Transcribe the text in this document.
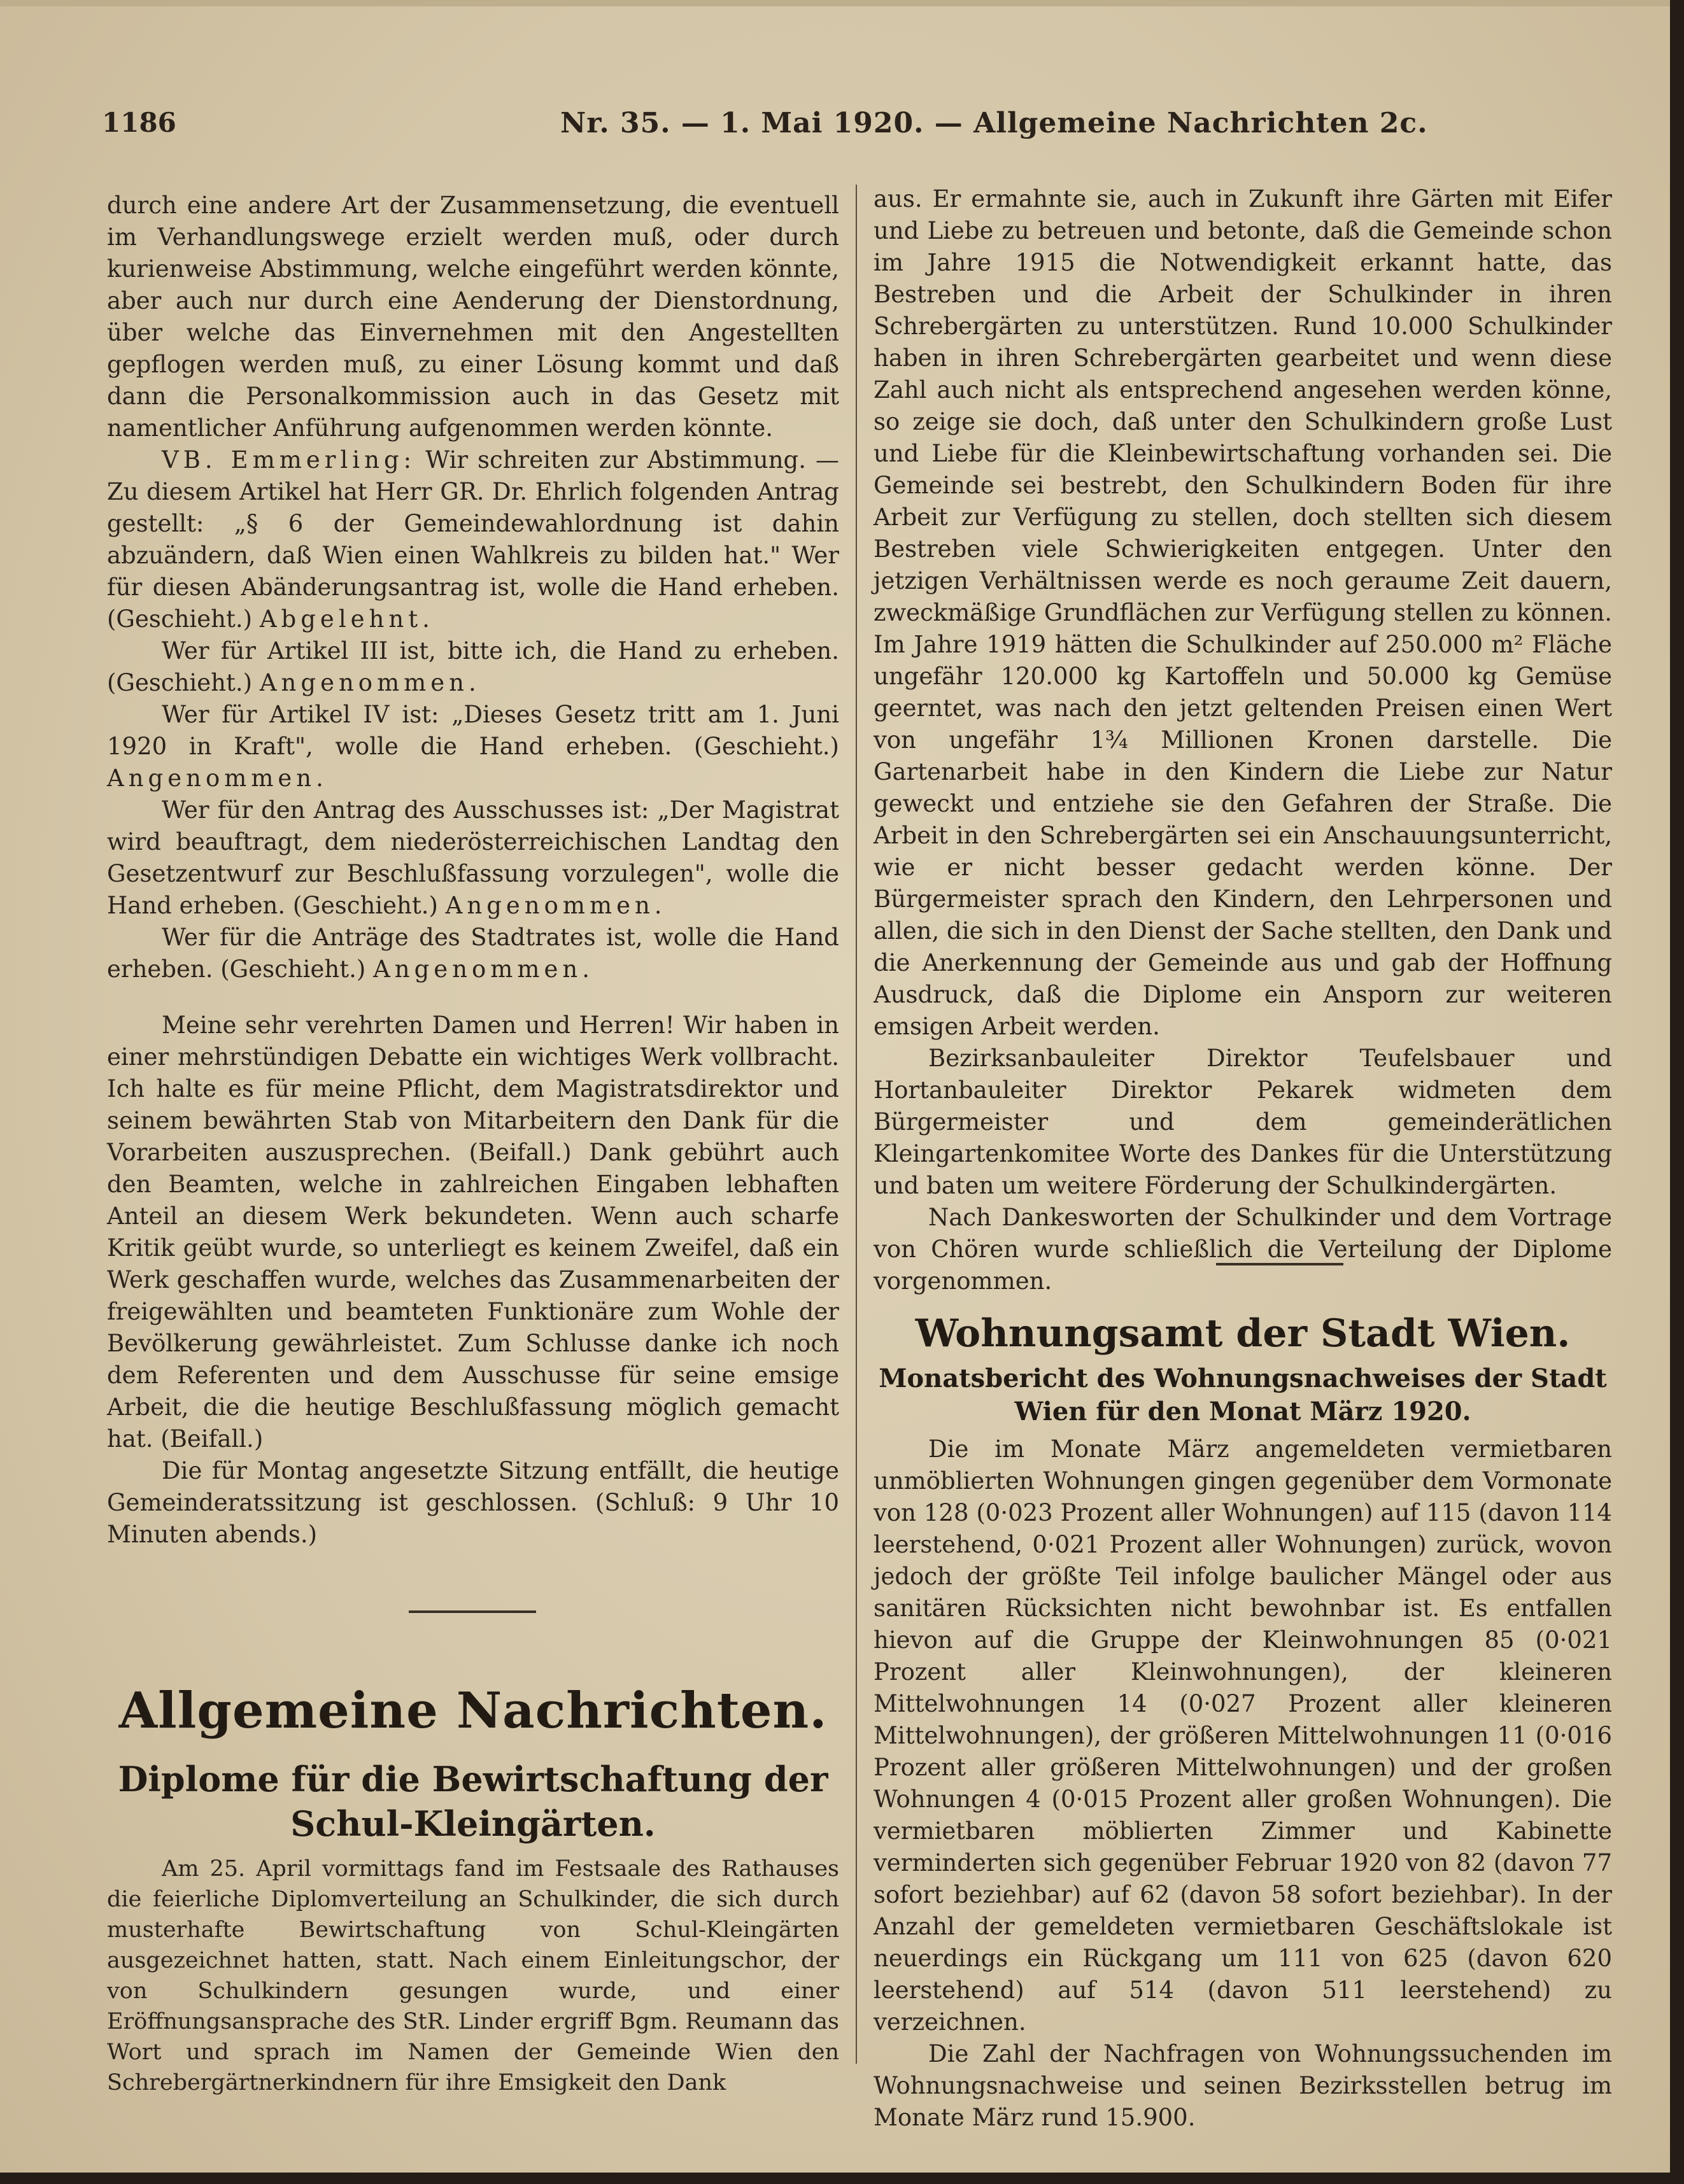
1186	Nr. 35. — 1. Mai 1920. — Allgemeine Nachrichten 2c.

durch eine andere Art der Zusammensetzung, die eventuell im Verhandlungswege erzielt werden muß, oder durch kurienweise Abstimmung, welche eingeführt werden könnte, aber auch nur durch eine Aenderung der Dienstordnung, über welche das Einvernehmen mit den Angestellten gepflogen werden muß, zu einer Lösung kommt und daß dann die Personalkommission auch in das Gesetz mit namentlicher Anführung aufgenommen werden könnte.

VB. Emmerling: Wir schreiten zur Abstimmung. — Zu diesem Artikel hat Herr GR. Dr. Ehrlich folgenden Antrag gestellt: „§ 6 der Gemeindewahlordnung ist dahin abzuändern, daß Wien einen Wahlkreis zu bilden hat." Wer für diesen Abänderungsantrag ist, wolle die Hand erheben. (Geschieht.) Abgelehnt.

Wer für Artikel III ist, bitte ich, die Hand zu erheben. (Geschieht.) Angenommen.

Wer für Artikel IV ist: „Dieses Gesetz tritt am 1. Juni 1920 in Kraft", wolle die Hand erheben. (Geschieht.) Angenommen.

Wer für den Antrag des Ausschusses ist: „Der Magistrat wird beauftragt, dem niederösterreichischen Landtag den Gesetzentwurf zur Beschlußfassung vorzulegen", wolle die Hand erheben. (Geschieht.) Angenommen.

Wer für die Anträge des Stadtrates ist, wolle die Hand erheben. (Geschieht.) Angenommen.

Meine sehr verehrten Damen und Herren! Wir haben in einer mehrstündigen Debatte ein wichtiges Werk vollbracht. Ich halte es für meine Pflicht, dem Magistratsdirektor und seinem bewährten Stab von Mitarbeitern den Dank für die Vorarbeiten auszusprechen. (Beifall.) Dank gebührt auch den Beamten, welche in zahlreichen Eingaben lebhaften Anteil an diesem Werk bekundeten. Wenn auch scharfe Kritik geübt wurde, so unterliegt es keinem Zweifel, daß ein Werk geschaffen wurde, welches das Zusammenarbeiten der freigewählten und beamteten Funktionäre zum Wohle der Bevölkerung gewährleistet. Zum Schlusse danke ich noch dem Referenten und dem Ausschusse für seine emsige Arbeit, die die heutige Beschlußfassung möglich gemacht hat. (Beifall.)

Die für Montag angesetzte Sitzung entfällt, die heutige Gemeinderatssitzung ist geschlossen. (Schluß: 9 Uhr 10 Minuten abends.)

Allgemeine Nachrichten.
Diplome für die Bewirtschaftung der Schul-Kleingärten.

Am 25. April vormittags fand im Festsaale des Rathauses die feierliche Diplomverteilung an Schulkinder, die sich durch musterhafte Bewirtschaftung von Schul-Kleingärten ausgezeichnet hatten, statt. Nach einem Einleitungschor, der von Schulkindern gesungen wurde, und einer Eröffnungsansprache des StR. Linder ergriff Bgm. Reumann das Wort und sprach im Namen der Gemeinde Wien den Schrebergärtnerkindnern für ihre Emsigkeit den Dank

aus. Er ermahnte sie, auch in Zukunft ihre Gärten mit Eifer und Liebe zu betreuen und betonte, daß die Gemeinde schon im Jahre 1915 die Notwendigkeit erkannt hatte, das Bestreben und die Arbeit der Schulkinder in ihren Schrebergärten zu unterstützen. Rund 10.000 Schulkinder haben in ihren Schrebergärten gearbeitet und wenn diese Zahl auch nicht als entsprechend angesehen werden könne, so zeige sie doch, daß unter den Schulkindern große Lust und Liebe für die Kleinbewirtschaftung vorhanden sei. Die Gemeinde sei bestrebt, den Schulkindern Boden für ihre Arbeit zur Verfügung zu stellen, doch stellten sich diesem Bestreben viele Schwierigkeiten entgegen. Unter den jetzigen Verhältnissen werde es noch geraume Zeit dauern, zweckmäßige Grundflächen zur Verfügung stellen zu können. Im Jahre 1919 hätten die Schulkinder auf 250.000 m² Fläche ungefähr 120.000 kg Kartoffeln und 50.000 kg Gemüse geerntet, was nach den jetzt geltenden Preisen einen Wert von ungefähr 1¾ Millionen Kronen darstelle. Die Gartenarbeit habe in den Kindern die Liebe zur Natur geweckt und entziehe sie den Gefahren der Straße. Die Arbeit in den Schrebergärten sei ein Anschauungsunterricht, wie er nicht besser gedacht werden könne. Der Bürgermeister sprach den Kindern, den Lehrpersonen und allen, die sich in den Dienst der Sache stellten, den Dank und die Anerkennung der Gemeinde aus und gab der Hoffnung Ausdruck, daß die Diplome ein Ansporn zur weiteren emsigen Arbeit werden.

Bezirksanbauleiter Direktor Teufelsbauer und Hortanbauleiter Direktor Pekarek widmeten dem Bürgermeister und dem gemeinderätlichen Kleingartenkomitee Worte des Dankes für die Unterstützung und baten um weitere Förderung der Schulkindergärten.

Nach Dankesworten der Schulkinder und dem Vortrage von Chören wurde schließlich die Verteilung der Diplome vorgenommen.

Wohnungsamt der Stadt Wien.
Monatsbericht des Wohnungsnachweises der Stadt Wien für den Monat März 1920.

Die im Monate März angemeldeten vermietbaren unmöblierten Wohnungen gingen gegenüber dem Vormonate von 128 (0·023 Prozent aller Wohnungen) auf 115 (davon 114 leerstehend, 0·021 Prozent aller Wohnungen) zurück, wovon jedoch der größte Teil infolge baulicher Mängel oder aus sanitären Rücksichten nicht bewohnbar ist. Es entfallen hievon auf die Gruppe der Kleinwohnungen 85 (0·021 Prozent aller Kleinwohnungen), der kleineren Mittelwohnungen 14 (0·027 Prozent aller kleineren Mittelwohnungen), der größeren Mittelwohnungen 11 (0·016 Prozent aller größeren Mittelwohnungen) und der großen Wohnungen 4 (0·015 Prozent aller großen Wohnungen). Die vermietbaren möblierten Zimmer und Kabinette verminderten sich gegenüber Februar 1920 von 82 (davon 77 sofort beziehbar) auf 62 (davon 58 sofort beziehbar). In der Anzahl der gemeldeten vermietbaren Geschäftslokale ist neuerdings ein Rückgang um 111 von 625 (davon 620 leerstehend) auf 514 (davon 511 leerstehend) zu verzeichnen.

Die Zahl der Nachfragen von Wohnungssuchenden im Wohnungsnachweise und seinen Bezirksstellen betrug im Monate März rund 15.900.
